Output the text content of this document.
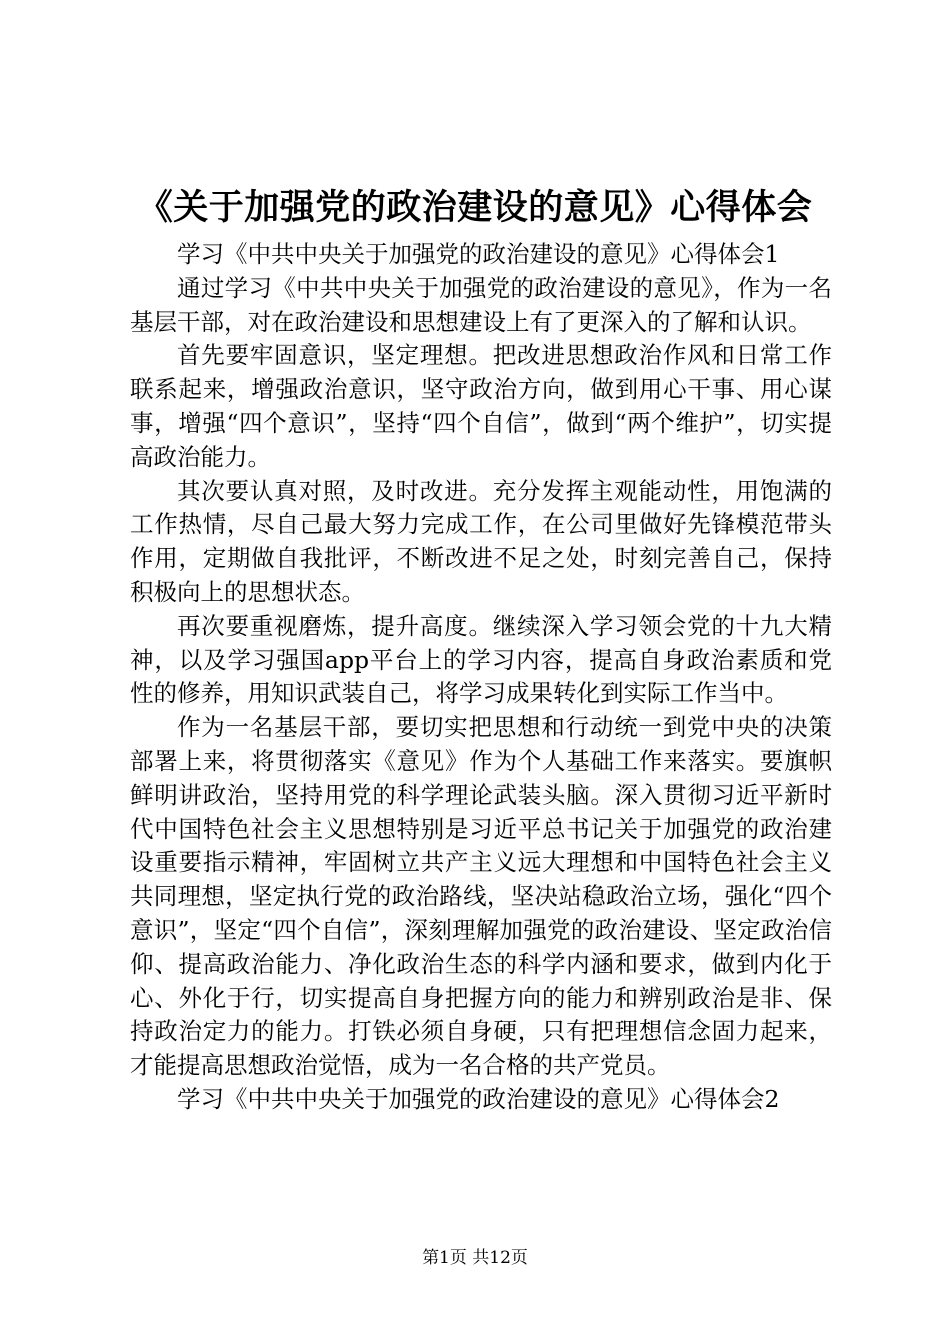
《关于加强党的政治建设的意见》心得体会

学习《中共中央关于加强党的政治建设的意见》心得体会1

通过学习《中共中央关于加强党的政治建设的意见》，作为一名基层干部，对在政治建设和思想建设上有了更深入的了解和认识。

首先要牢固意识，坚定理想。把改进思想政治作风和日常工作联系起来，增强政治意识，坚守政治方向，做到用心干事、用心谋事，增强“四个意识”，坚持“四个自信”，做到“两个维护”，切实提高政治能力。

其次要认真对照，及时改进。充分发挥主观能动性，用饱满的工作热情，尽自己最大努力完成工作，在公司里做好先锋模范带头作用，定期做自我批评，不断改进不足之处，时刻完善自己，保持积极向上的思想状态。

再次要重视磨炼，提升高度。继续深入学习领会党的十九大精神，以及学习强国app平台上的学习内容，提高自身政治素质和党性的修养，用知识武装自己，将学习成果转化到实际工作当中。

作为一名基层干部，要切实把思想和行动统一到党中央的决策部署上来，将贯彻落实《意见》作为个人基础工作来落实。要旗帜鲜明讲政治，坚持用党的科学理论武装头脑。深入贯彻习近平新时代中国特色社会主义思想特别是习近平总书记关于加强党的政治建设重要指示精神，牢固树立共产主义远大理想和中国特色社会主义共同理想，坚定执行党的政治路线，坚决站稳政治立场，强化“四个意识”，坚定“四个自信”，深刻理解加强党的政治建设、坚定政治信仰、提高政治能力、净化政治生态的科学内涵和要求，做到内化于心、外化于行，切实提高自身把握方向的能力和辨别政治是非、保持政治定力的能力。打铁必须自身硬，只有把理想信念固力起来，才能提高思想政治觉悟，成为一名合格的共产党员。

学习《中共中央关于加强党的政治建设的意见》心得体会2

第1页 共12页
